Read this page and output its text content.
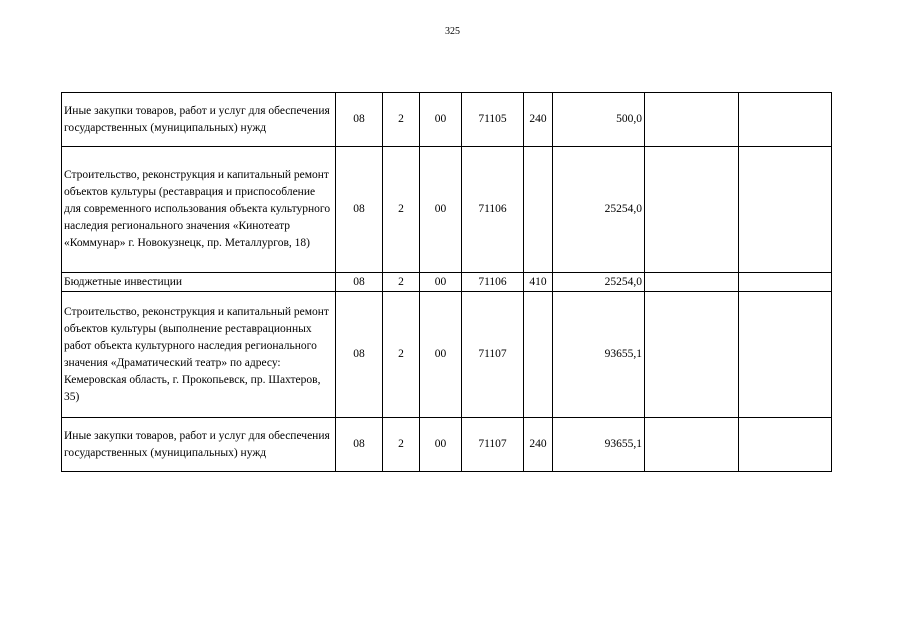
325
Иные закупки товаров, работ и услуг для обеспечения государственных (муниципальных) нужд	08	2	00	71105	240	500,0		
Строительство, реконструкция и капитальный ремонт объектов культуры (реставрация и приспособление для современного использования объекта культурного наследия регионального значения «Кинотеатр «Коммунар» г. Новокузнецк, пр. Металлургов, 18)	08	2	00	71106		25254,0		
Бюджетные инвестиции	08	2	00	71106	410	25254,0		
Строительство, реконструкция и капитальный ремонт объектов культуры (выполнение реставрационных работ объекта культурного наследия регионального значения «Драматический театр» по адресу: Кемеровская область, г. Прокопьевск, пр. Шахтеров, 35)	08	2	00	71107		93655,1		
Иные закупки товаров, работ и услуг для обеспечения государственных (муниципальных) нужд	08	2	00	71107	240	93655,1		
